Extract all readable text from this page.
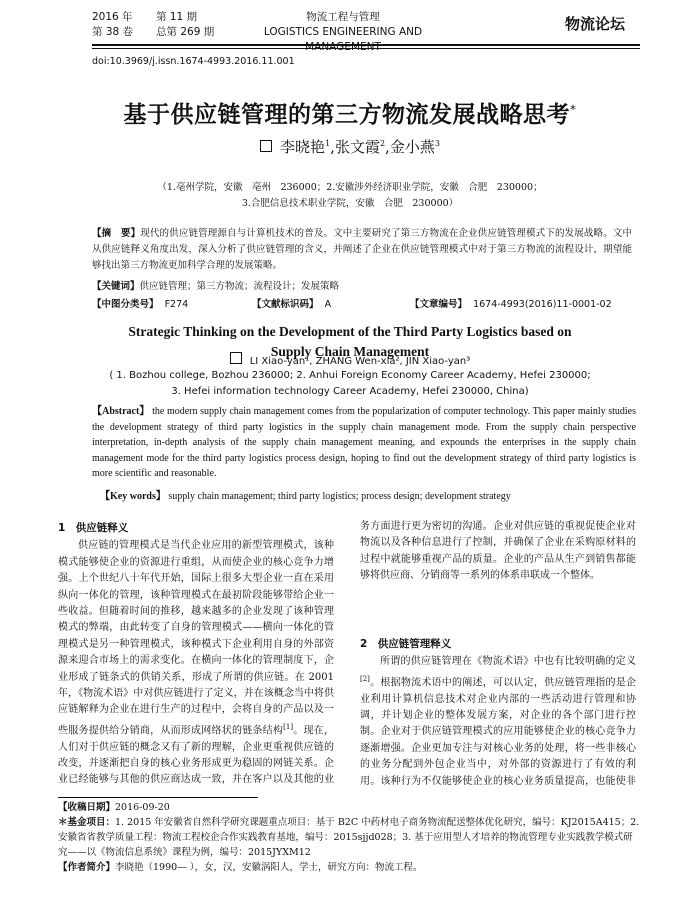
2016 年 第 11 期
第 38 卷 总第 269 期
物流工程与管理
LOGISTICS ENGINEERING AND MANAGEMENT
物流论坛
doi:10.3969/j.issn.1674-4993.2016.11.001
基于供应链管理的第三方物流发展战略思考*
李晓艳$^1$,张文霞$^2$,金小燕$^3$
（1.亳州学院，安徽　亳州　236000；2.安徽涉外经济职业学院，安徽　合肥　230000；
3.合肥信息技术职业学院，安徽　合肥　230000）
【摘　要】现代的供应链管理源自与计算机技术的普及。文中主要研究了第三方物流在企业供应链管理模式下的发展战略。文中从供应链释义角度出发，深入分析了供应链管理的含义，并阐述了企业在供应链管理模式中对于第三方物流的流程设计，期望能够找出第三方物流更加科学合理的发展策略。
【关键词】供应链管理；第三方物流；流程设计；发展策略
【中图分类号】 F274	【文献标识码】 A	【文章编号】 1674-4993(2016)11-0001-02
Strategic Thinking on the Development of the Third Party Logistics based on
Supply Chain Management
LI Xiao-yan¹, ZHANG Wen-xia², JIN Xiao-yan³
( 1. Bozhou college, Bozhou 236000; 2. Anhui Foreign Economy Career Academy, Hefei 230000;
3. Hefei information technology Career Academy, Hefei 230000, China)
【Abstract】 the modern supply chain management comes from the popularization of computer technology. This paper mainly studies the development strategy of third party logistics in the supply chain management mode. From the supply chain perspective interpretation, in-depth analysis of the supply chain management meaning, and expounds the enterprises in the supply chain management mode for the third party logistics process design, hoping to find out the development strategy of third party logistics is more scientific and reasonable.
【Key words】 supply chain management; third party logistics; process design; development strategy
1　供应链释义

供应链的管理模式是当代企业应用的新型管理模式，该种模式能够使企业的资源进行重组，从而使企业的核心竞争力增强。上个世纪八十年代开始，国际上很多大型企业一直在采用纵向一体化的管理，该种管理模式在最初阶段能够带给企业一些收益。但随着时间的推移，越来越多的企业发现了该种管理模式的弊端，由此转变了自身的管理模式——横向一体化的管理模式是另一种管理模式，该种模式下企业利用自身的外部资源来迎合市场上的需求变化。在横向一体化的管理制度下，企业形成了链条式的供销关系，形成了所谓的供应链。在 2001 年，《物流术语》中对供应链进行了定义，并在该概念当中将供应链解释为企业在进行生产的过程中，会将自身的产品以及一些服务提供给分销商，从而形成网络状的链条结构[1]。现在，人们对于供应链的概念又有了新的理解，企业更重视供应链的改变，并逐渐把自身的核心业务形成更为稳固的网链关系。企业已经能够与其他的供应商达成一致，并在客户以及其他的业

务方面进行更为密切的沟通。企业对供应链的重视促使企业对物流以及各种信息进行了控制，并确保了企业在采购原材料的过程中就能够重视产品的质量。企业的产品从生产到销售都能够将供应商、分销商等一系列的体系串联成一个整体。

2　供应链管理释义

所谓的供应链管理在《物流术语》中也有比较明确的定义[2]。根据物流术语中的阐述，可以认定，供应链管理指的是企业利用计算机信息技术对企业内部的一些活动进行管理和协调，并计划企业的整体发展方案，对企业的各个部门进行控制。企业对于供应链管理模式的应用能够使企业的核心竞争力逐渐增强。企业更加专注与对核心业务的处理，将一些非核心的业务分配到外包企业当中，对外部的资源进行了有效的利用。该种行为不仅能够使企业的核心业务质量提高，也能使非

【收稿日期】2016-09-20
＊基金项目：1. 2015 年安徽省自然科学研究课题重点项目：基于 B2C 中药材电子商务物流配送整体优化研究，编号：KJ2015A415；2. 安徽省省教学质量工程：物流工程校企合作实践教育基地，编号：2015sjjd028；3. 基于应用型人才培养的物流管理专业实践教学模式研究——以《物流信息系统》课程为例，编号：2015JYXM12
【作者简介】李晓艳（1990— ），女，汉，安徽涡阳人，学士，研究方向：物流工程。
